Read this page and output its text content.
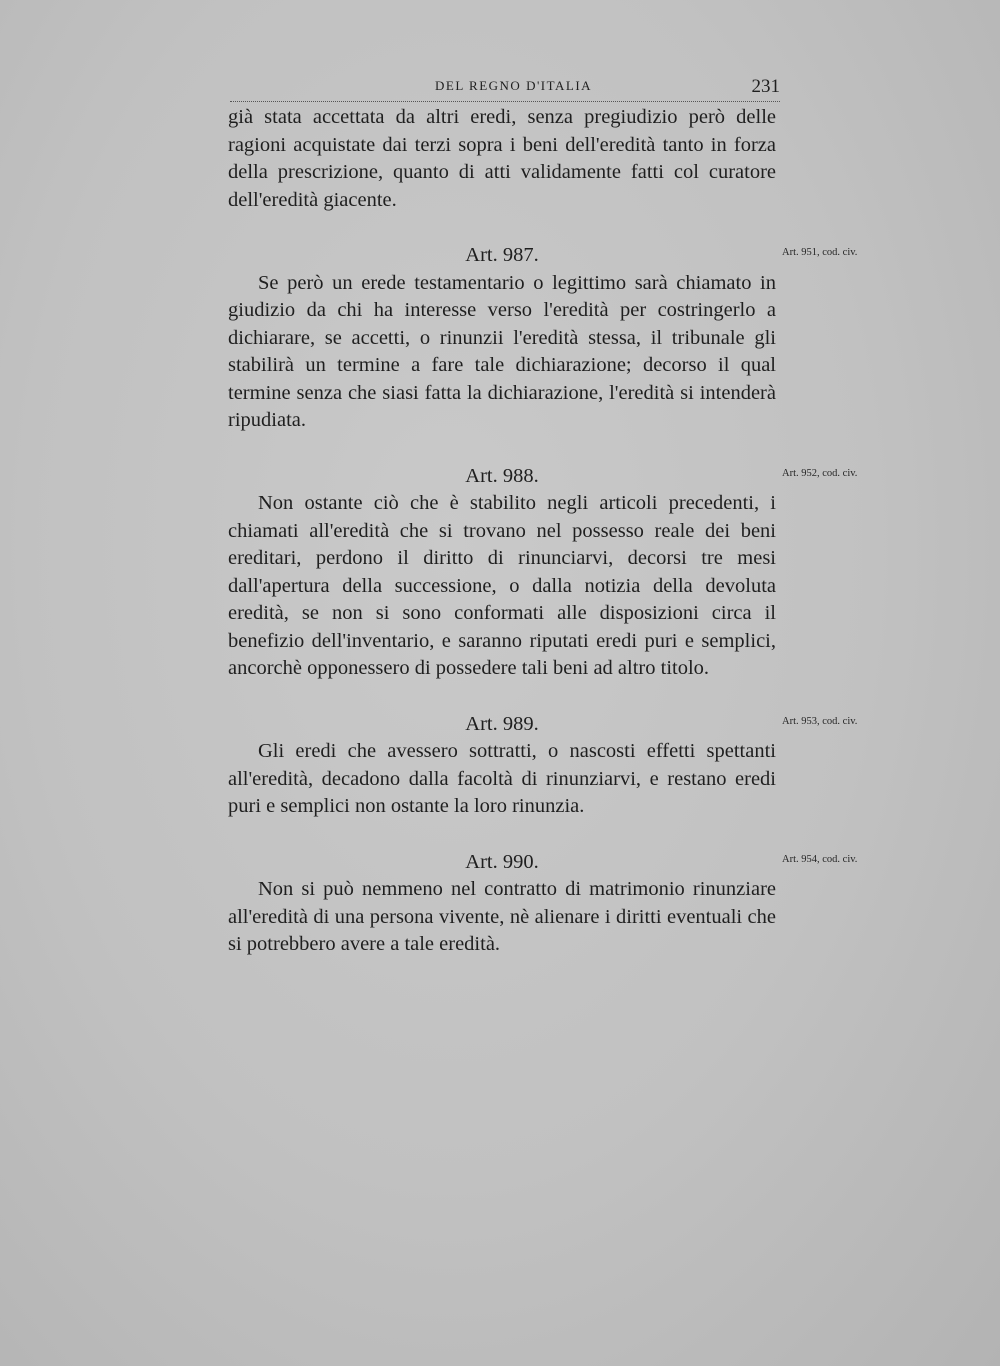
DEL REGNO D'ITALIA	231

già stata accettata da altri eredi, senza pregiudizio però delle ragioni acquistate dai terzi sopra i beni dell'eredità tanto in forza della prescrizione, quanto di atti validamente fatti col curatore dell'eredità giacente.

Art. 987.	Art. 951, cod. civ.

Se però un erede testamentario o legittimo sarà chiamato in giudizio da chi ha interesse verso l'eredità per costringerlo a dichiarare, se accetti, o rinunzii l'eredità stessa, il tribunale gli stabilirà un termine a fare tale dichiarazione; decorso il qual termine senza che siasi fatta la dichiarazione, l'eredità si intenderà ripudiata.

Art. 988.	Art. 952, cod. civ.

Non ostante ciò che è stabilito negli articoli precedenti, i chiamati all'eredità che si trovano nel possesso reale dei beni ereditari, perdono il diritto di rinunciarvi, decorsi tre mesi dall'apertura della successione, o dalla notizia della devoluta eredità, se non si sono conformati alle disposizioni circa il benefizio dell'inventario, e saranno riputati eredi puri e semplici, ancorchè opponessero di possedere tali beni ad altro titolo.

Art. 989.	Art. 953, cod. civ.

Gli eredi che avessero sottratti, o nascosti effetti spettanti all'eredità, decadono dalla facoltà di rinunziarvi, e restano eredi puri e semplici non ostante la loro rinunzia.

Art. 990.	Art. 954, cod. civ.

Non si può nemmeno nel contratto di matrimonio rinunziare all'eredità di una persona vivente, nè alienare i diritti eventuali che si potrebbero avere a tale eredità.
